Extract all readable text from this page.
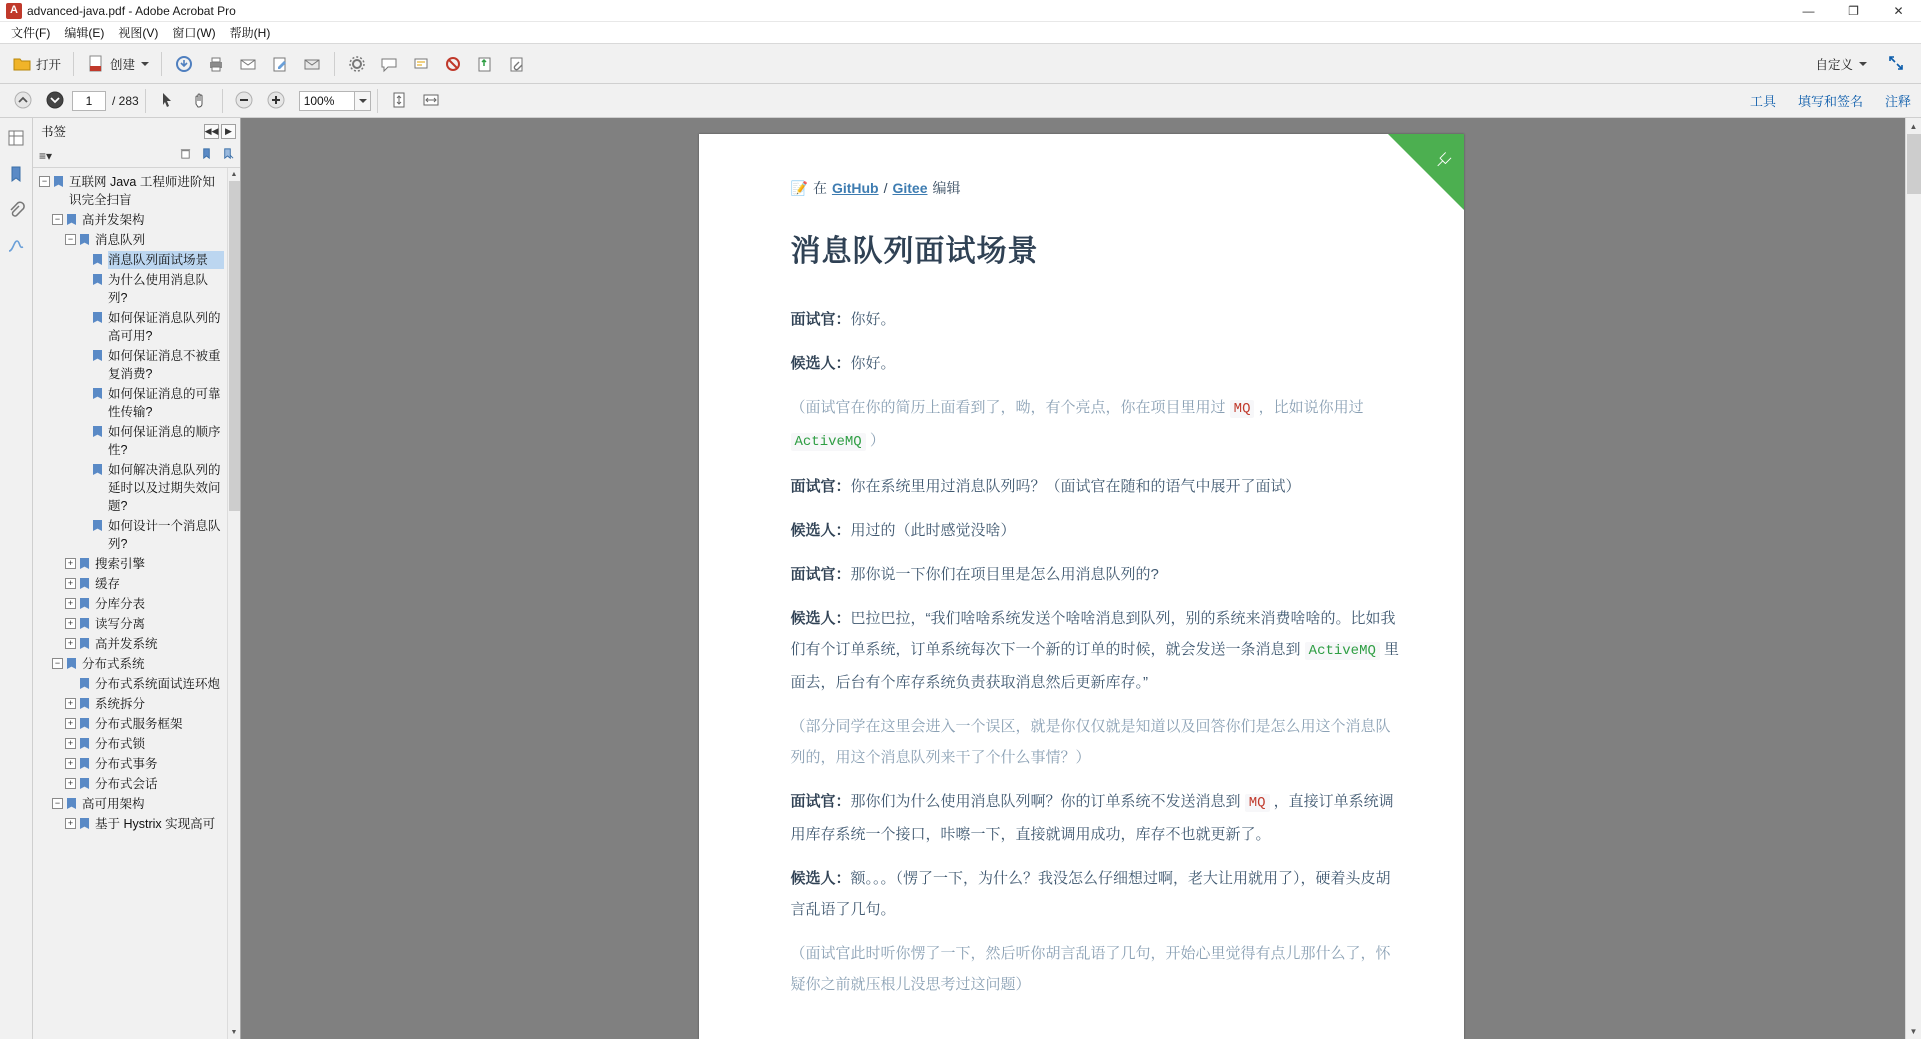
A
advanced-java.pdf - Adobe Acrobat Pro	—	❐	✕
文件(F)	编辑(E)	视图(V)	窗口(W)	帮助(H)
打开	创建	自定义
1	/ 283	100%	工具 填写和签名 注释
书签	◀◀ ▶
≡▾
− 互联网 Java 工程师进阶知识完全扫盲
− 高并发架构
− 消息队列
消息队列面试场景
为什么使用消息队列?
如何保证消息队列的高可用?
如何保证消息不被重复消费?
如何保证消息的可靠性传输?
如何保证消息的顺序性?
如何解决消息队列的延时以及过期失效问题?
如何设计一个消息队列?
+ 搜索引擎
+ 缓存
+ 分库分表
+ 读写分离
+ 高并发系统
− 分布式系统
分布式系统面试连环炮
+ 系统拆分
+ 分布式服务框架
+ 分布式锁
+ 分布式事务
+ 分布式会话
− 高可用架构
+ 基于 Hystrix 实现高可
▲
▼
⑂
📝 在 GitHub / Gitee 编辑
消息队列面试场景

面试官：你好。

候选人：你好。

（面试官在你的简历上面看到了，呦，有个亮点，你在项目里用过 MQ ，比如说你用过 ActiveMQ ）

面试官：你在系统里用过消息队列吗？（面试官在随和的语气中展开了面试）

候选人：用过的（此时感觉没啥）

面试官：那你说一下你们在项目里是怎么用消息队列的?

候选人：巴拉巴拉，“我们啥啥系统发送个啥啥消息到队列，别的系统来消费啥啥的。比如我们有个订单系统，订单系统每次下一个新的订单的时候，就会发送一条消息到 ActiveMQ 里面去，后台有个库存系统负责获取消息然后更新库存。”

（部分同学在这里会进入一个误区，就是你仅仅就是知道以及回答你们是怎么用这个消息队列的，用这个消息队列来干了个什么事情？）

面试官：那你们为什么使用消息队列啊？你的订单系统不发送消息到 MQ ，直接订单系统调用库存系统一个接口，咔嚓一下，直接就调用成功，库存不也就更新了。

候选人：额。。。（愣了一下，为什么？我没怎么仔细想过啊，老大让用就用了），硬着头皮胡言乱语了几句。

（面试官此时听你愣了一下，然后听你胡言乱语了几句，开始心里觉得有点儿那什么了，怀疑你之前就压根儿没思考过这问题）

▲
▼
